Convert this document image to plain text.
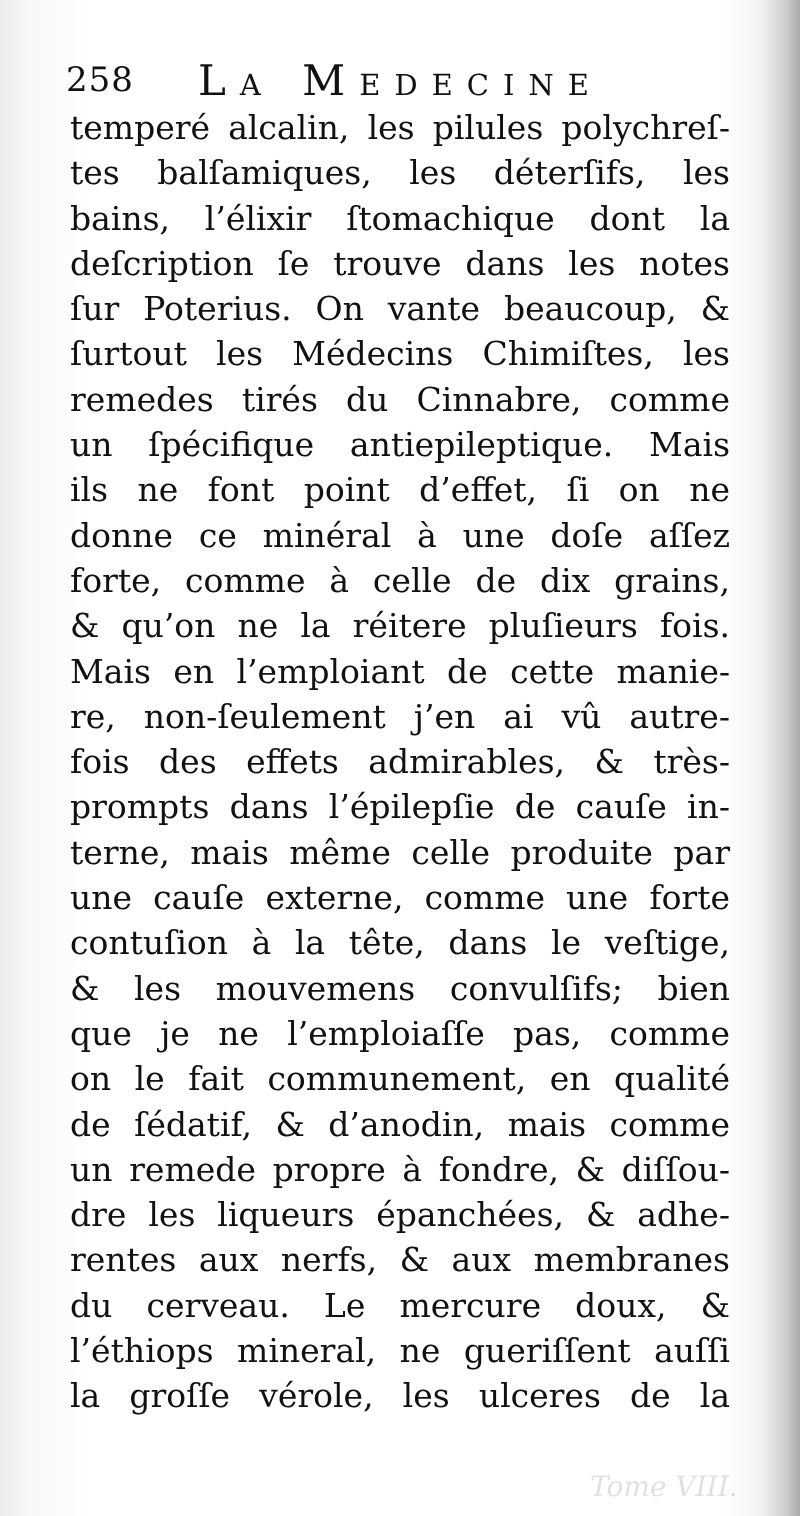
258 La Medecine
temperé alcalin, les pilules polychreſ-
tes balſamiques, les déterſifs, les
bains, l’élixir ſtomachique dont la
deſcription ſe trouve dans les notes
ſur Poterius. On vante beaucoup, &
ſurtout les Médecins Chimiſtes, les
remedes tirés du Cinnabre, comme
un ſpécifique antiepileptique. Mais
ils ne font point d’effet, ſi on ne
donne ce minéral à une doſe aſſez
forte, comme à celle de dix grains,
& qu’on ne la réitere pluſieurs fois.
Mais en l’emploiant de cette manie-
re, non-ſeulement j’en ai vû autre-
fois des effets admirables, & très-
prompts dans l’épilepſie de cauſe in-
terne, mais même celle produite par
une cauſe externe, comme une forte
contuſion à la tête, dans le veſtige,
& les mouvemens convulſifs; bien
que je ne l’emploiaſſe pas, comme
on le fait communement, en qualité
de ſédatif, & d’anodin, mais comme
un remede propre à fondre, & diſſou-
dre les liqueurs épanchées, & adhe-
rentes aux nerfs, & aux membranes
du cerveau. Le mercure doux, &
l’éthiops mineral, ne gueriſſent auſſi
la groſſe vérole, les ulceres de la
Tome VIII.
